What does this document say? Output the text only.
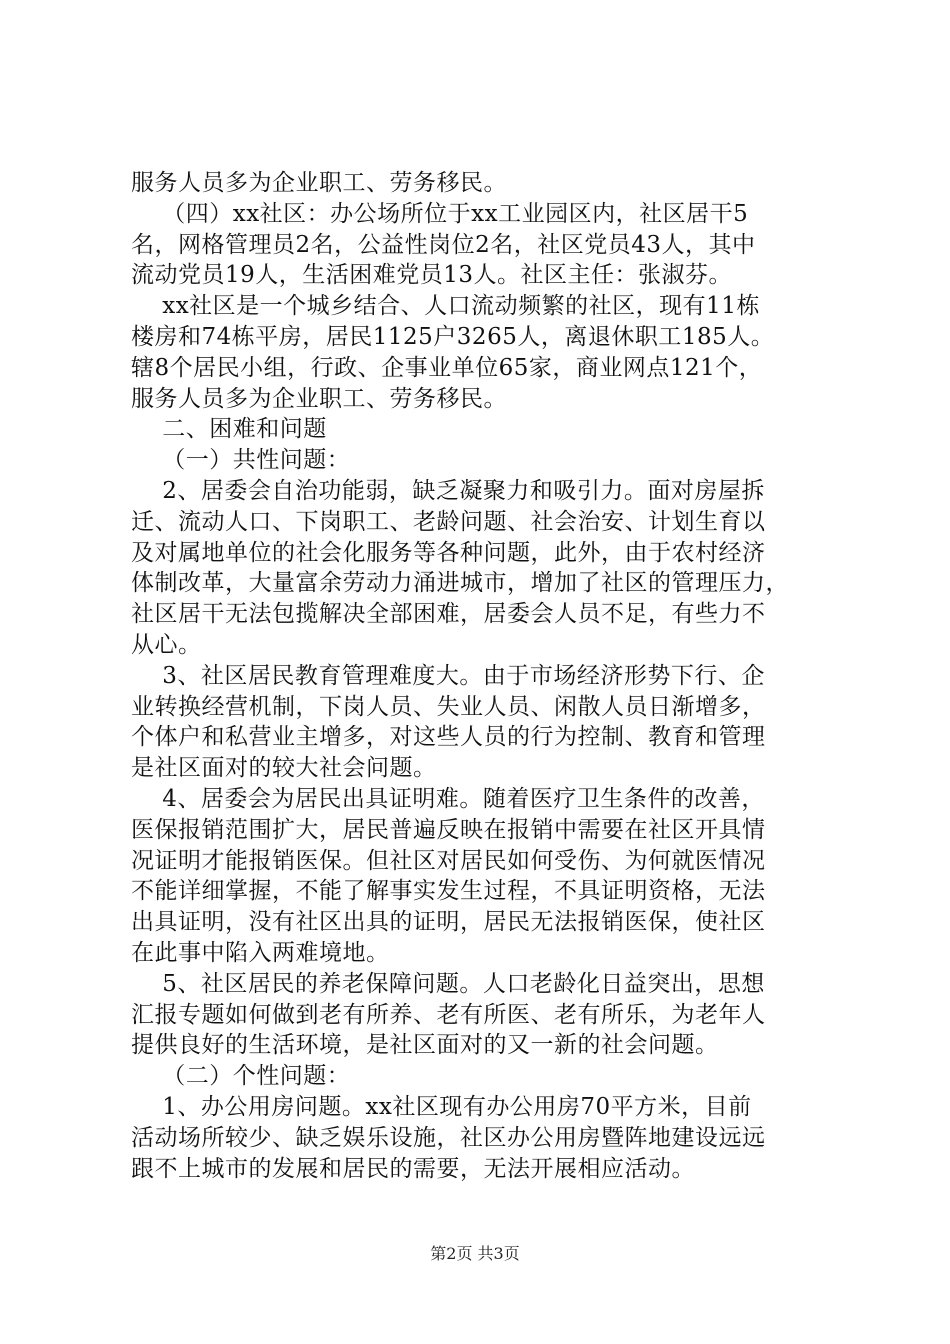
服务人员多为企业职工、劳务移民。
（四）xx社区：办公场所位于xx工业园区内，社区居干5
名，网格管理员2名，公益性岗位2名，社区党员43人，其中
流动党员19人，生活困难党员13人。社区主任：张淑芬。
xx社区是一个城乡结合、人口流动频繁的社区，现有11栋
楼房和74栋平房，居民1125户3265人，离退休职工185人。
辖8个居民小组，行政、企事业单位65家，商业网点121个，
服务人员多为企业职工、劳务移民。
二、困难和问题
（一）共性问题：
2、居委会自治功能弱，缺乏凝聚力和吸引力。面对房屋拆
迁、流动人口、下岗职工、老龄问题、社会治安、计划生育以
及对属地单位的社会化服务等各种问题，此外，由于农村经济
体制改革，大量富余劳动力涌进城市，增加了社区的管理压力，
社区居干无法包揽解决全部困难，居委会人员不足，有些力不
从心。
3、社区居民教育管理难度大。由于市场经济形势下行、企
业转换经营机制，下岗人员、失业人员、闲散人员日渐增多，
个体户和私营业主增多，对这些人员的行为控制、教育和管理
是社区面对的较大社会问题。
4、居委会为居民出具证明难。随着医疗卫生条件的改善，
医保报销范围扩大，居民普遍反映在报销中需要在社区开具情
况证明才能报销医保。但社区对居民如何受伤、为何就医情况
不能详细掌握，不能了解事实发生过程，不具证明资格，无法
出具证明，没有社区出具的证明，居民无法报销医保，使社区
在此事中陷入两难境地。
5、社区居民的养老保障问题。人口老龄化日益突出，思想
汇报专题如何做到老有所养、老有所医、老有所乐，为老年人
提供良好的生活环境，是社区面对的又一新的社会问题。
（二）个性问题：
1、办公用房问题。xx社区现有办公用房70平方米，目前
活动场所较少、缺乏娱乐设施，社区办公用房暨阵地建设远远
跟不上城市的发展和居民的需要，无法开展相应活动。
第2页 共3页
